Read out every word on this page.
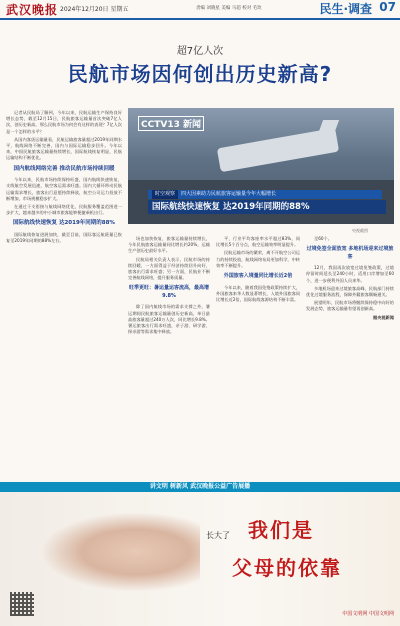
武汉晚报 2024年12月20日 星期五	责编 刘晓星 美编 马超 校对 毛玫	民生·调查 07
超7亿人次
民航市场因何创出历史新高?

记者从民航局了解到，今年以来，民航运输生产保持良好增长态势，截至12月15日，民航旅客运输量首次突破7亿人次，创历史新高。那么民航市场为何会有这样的表现？7亿人次是一个怎样的水平？

从国内客货运输量看，民航运输旅客量超过2019年同期水平，航线网络不断完善，国内与国际运输稳步回升。今年以来，中国民航旅客运输量持续增长，国际航线恢复明显，民航运输结构不断优化。

国内航线网络完善 推动民航市场持续回暖

今年以来，民航市场持续保持旺盛，国内航线快速恢复，支线航空发展迅速，航空客运需求旺盛。国内大循环带动民航运输需求增长，旅客出行意愿持续释放，航空公司运力投放不断增加，市场规模稳步扩大。

在通过干支衔接与航线网络优化，民航服务覆盖范围进一步扩大，越来越多的中小城市旅客能够便捷乘机出行。

国际航线快速恢复 达2019年同期的88%

国际航线恢复进展加快，截至目前，国际客运航班量已恢复至2019年同期的88%左右。

CCTV13 新闻
时空观察 四大因素助力民航旅客运输量今年大幅增长
国际航线快速恢复 达2019年同期的88%
央视截图

场也加快恢复，旅客运输量持续增长，今年民航旅客运输量同比增长约20%，运输生产创历史最好水平。

民航局相关负责人表示，民航市场的持续回暖，一方面得益于经济持续回升向好，旅客出行需求旺盛；另一方面，民航业不断完善航线网络，提升服务质量。

旺季更旺：暑运量运客流高，最高增9.8%

除了国内航线市场的需求支撑之外，暑运期间民航旅客运输量创历史新高，单日最高旅客量超过240万人次，同比增长9.8%。暑运旅客出行需求旺盛，亲子游、研学游、探亲游等需求集中释放。

平，行业平均客座率水平超过83%，同比增长5个百分点，航空运输效率明显提升。

民航运输市场的繁荣，离不开航空公司运力的持续投放，航线网络布局更加科学，中转效率不断提升。

外国旅客入境量同比增长近2倍

今年以来，随着我国免签政策持续扩大，外国旅客来华人数显著增长，入境外国旅客同比增长近2倍，国际航线客源结构不断丰富。

至60个。

过境免签全面放宽 多地机场迎来过境旅客

12月，我国再次放宽过境免签政策，过境停留时间延长至240小时，适用口岸增加至60个，进一步便利外国人员来华。

多地机场迎来过境旅客高峰，民航部门持续优化过境服务流程，保障外籍旅客顺畅通关。

展望明年，民航市场将继续保持稳中向好的发展态势，旅客运输量有望再创新高。

据央视新闻

讲文明 树新风 武汉晚报公益广告展播
长大了 我们是
父母的依靠
中国文明网 中国文明网
